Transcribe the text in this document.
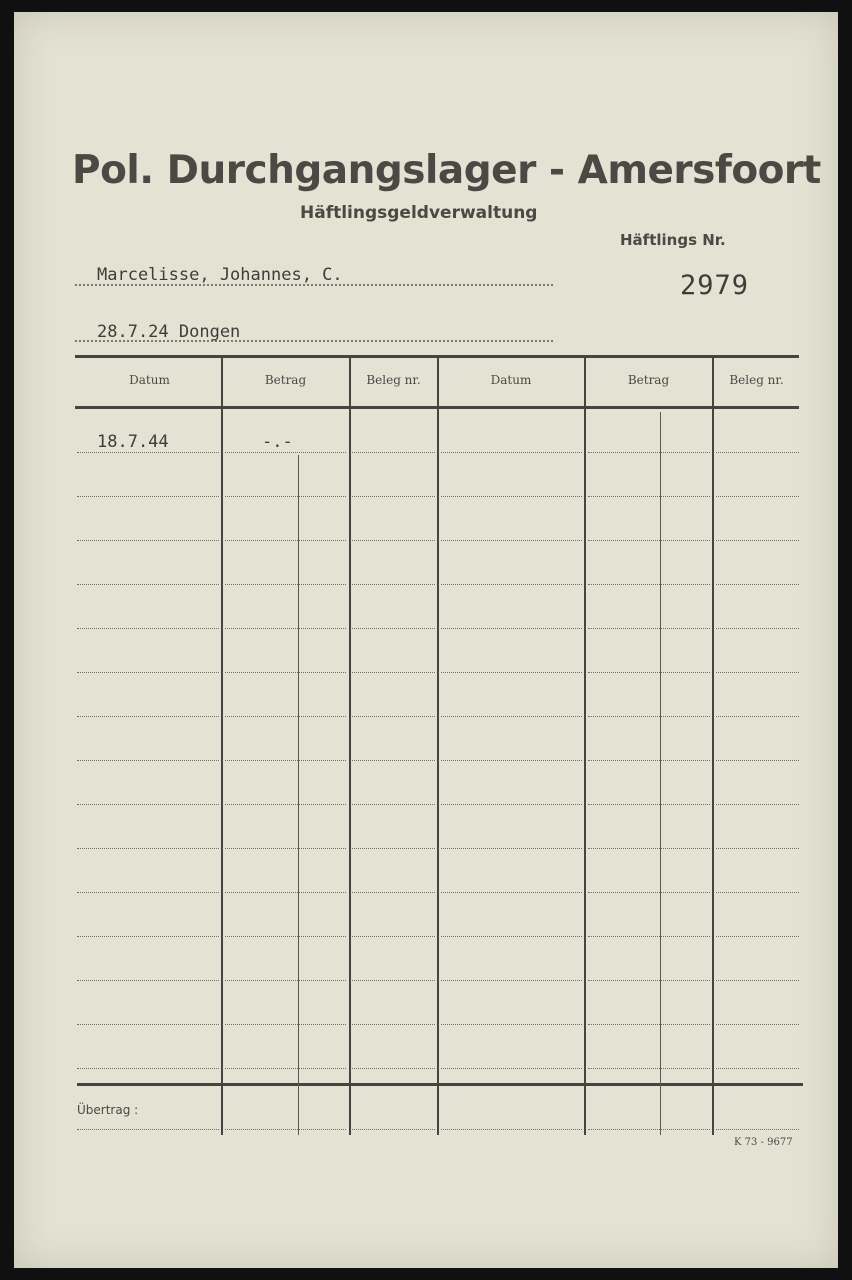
Pol. Durchgangslager - Amersfoort
Häftlingsgeldverwaltung
Häftlings Nr.
Marcelisse, Johannes, C.	2979
28.7.24 Dongen
Datum	Betrag	Beleg nr.	Datum	Betrag	Beleg nr.
18.7.44	-.-
Übertrag :
K 73 - 9677
